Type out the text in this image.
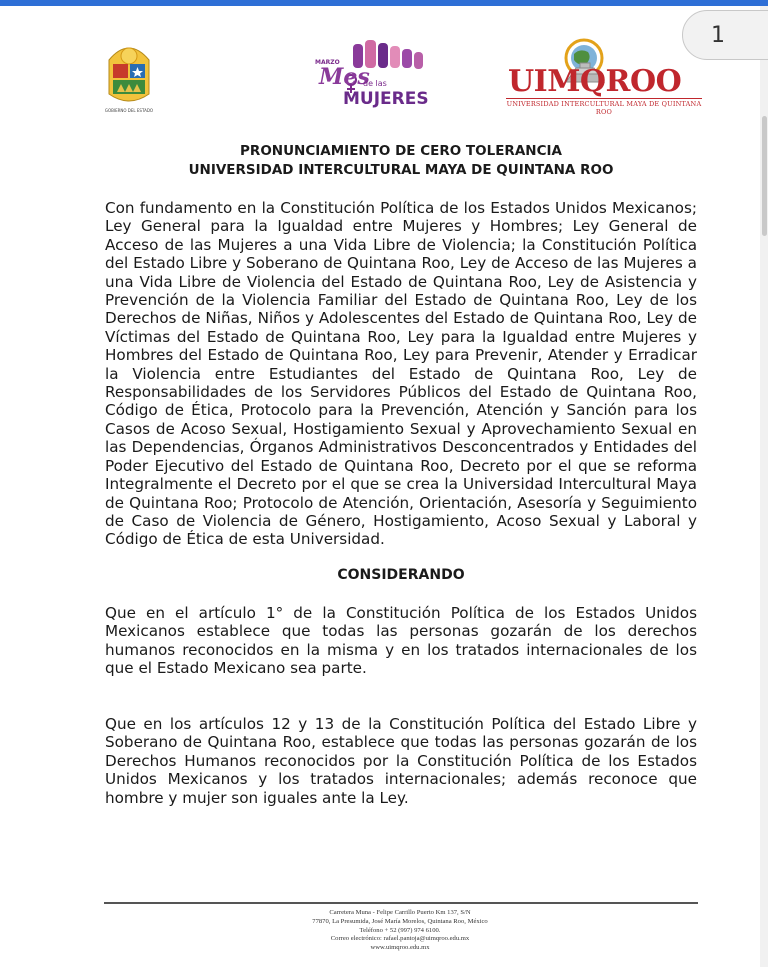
1
GOBIERNO DEL ESTADO
MARZO
Mes
de las
MUJERES	UIMQROO
UNIVERSIDAD INTERCULTURAL MAYA DE QUINTANA ROO
PRONUNCIAMIENTO DE CERO TOLERANCIA
UNIVERSIDAD INTERCULTURAL MAYA DE QUINTANA ROO

Con fundamento en la Constitución Política de los Estados Unidos Mexicanos; Ley General para la Igualdad entre Mujeres y Hombres; Ley General de Acceso de las Mujeres a una Vida Libre de Violencia; la Constitución Política del Estado Libre y Soberano de Quintana Roo, Ley de Acceso de las Mujeres a una Vida Libre de Violencia del Estado de Quintana Roo, Ley de Asistencia y Prevención de la Violencia Familiar del Estado de Quintana Roo, Ley de los Derechos de Niñas, Niños y Adolescentes del Estado de Quintana Roo, Ley de Víctimas del Estado de Quintana Roo, Ley para la Igualdad entre Mujeres y Hombres del Estado de Quintana Roo, Ley para Prevenir, Atender y Erradicar la Violencia entre Estudiantes del Estado de Quintana Roo, Ley de Responsabilidades de los Servidores Públicos del Estado de Quintana Roo, Código de Ética, Protocolo para la Prevención, Atención y Sanción para los Casos de Acoso Sexual, Hostigamiento Sexual y Aprovechamiento Sexual en las Dependencias, Órganos Administrativos Desconcentrados y Entidades del Poder Ejecutivo del Estado de Quintana Roo, Decreto por el que se reforma Integralmente el Decreto por el que se crea la Universidad Intercultural Maya de Quintana Roo; Protocolo de Atención, Orientación, Asesoría y Seguimiento de Caso de Violencia de Género, Hostigamiento, Acoso Sexual y Laboral y Código de Ética de esta Universidad.

CONSIDERANDO

Que en el artículo 1° de la Constitución Política de los Estados Unidos Mexicanos establece que todas las personas gozarán de los derechos humanos reconocidos en la misma y en los tratados internacionales de los que el Estado Mexicano sea parte.

Que en los artículos 12 y 13 de la Constitución Política del Estado Libre y Soberano de Quintana Roo, establece que todas las personas gozarán de los Derechos Humanos reconocidos por la Constitución Política de los Estados Unidos Mexicanos y los tratados internacionales; además reconoce que hombre y mujer son iguales ante la Ley.

Carretera Muna - Felipe Carrillo Puerto Km 137, S/N
77870, La Presumida, José María Morelos, Quintana Roo, México
Teléfono + 52 (997) 974 6100.
Correo electrónico: rafael.pantoja@uimqroo.edu.mx
www.uimqroo.edu.mx
